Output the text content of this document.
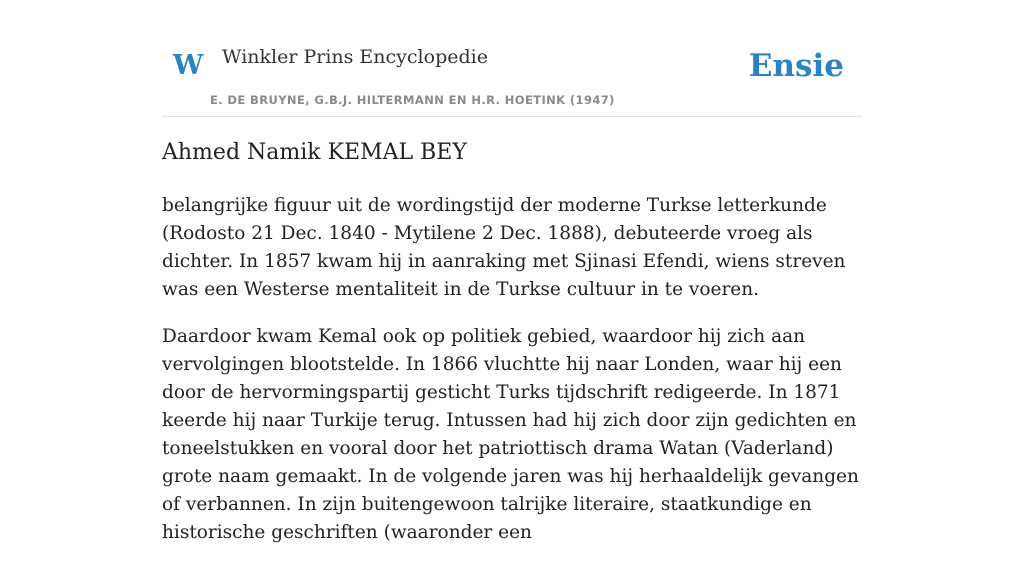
W Winkler Prins Encyclopedie
E. DE BRUYNE, G.B.J. HILTERMANN EN H.R. HOETINK (1947)
Ensie
Ahmed Namik KEMAL BEY

belangrijke figuur uit de wordingstijd der moderne Turkse letterkunde (Rodosto 21 Dec. 1840 - Mytilene 2 Dec. 1888), debuteerde vroeg als dichter. In 1857 kwam hij in aanraking met Sjinasi Efendi, wiens streven was een Westerse mentaliteit in de Turkse cultuur in te voeren.

Daardoor kwam Kemal ook op politiek gebied, waardoor hij zich aan vervolgingen blootstelde. In 1866 vluchtte hij naar Londen, waar hij een door de hervormingspartij gesticht Turks tijdschrift redigeerde. In 1871 keerde hij naar Turkije terug. Intussen had hij zich door zijn gedichten en toneelstukken en vooral door het patriottisch drama Watan (Vaderland) grote naam gemaakt. In de volgende jaren was hij herhaaldelijk gevangen of verbannen. In zijn buitengewoon talrijke literaire, staatkundige en historische geschriften (waaronder een
